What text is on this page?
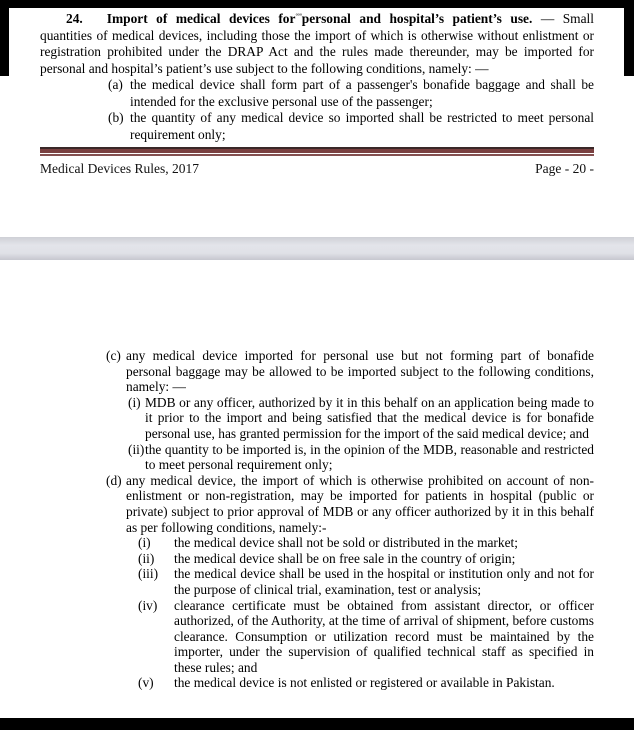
24. Import of medical devices for°°°personal and hospital’s patient’s use. — Small quantities of medical devices, including those the import of which is otherwise without enlistment or registration prohibited under the DRAP Act and the rules made thereunder, may be imported for personal and hospital’s patient’s use subject to the following conditions, namely: —

(a) the medical device shall form part of a passenger's bonafide baggage and shall be intended for the exclusive personal use of the passenger;
(b) the quantity of any medical device so imported shall be restricted to meet personal requirement only;
Medical Devices Rules, 2017	Page - 20 -
(c) any medical device imported for personal use but not forming part of bonafide personal baggage may be allowed to be imported subject to the following conditions, namely: —
(i) MDB or any officer, authorized by it in this behalf on an application being made to it prior to the import and being satisfied that the medical device is for bonafide personal use, has granted permission for the import of the said medical device; and
(ii) the quantity to be imported is, in the opinion of the MDB, reasonable and restricted to meet personal requirement only;
(d) any medical device, the import of which is otherwise prohibited on account of non-enlistment or non-registration, may be imported for patients in hospital (public or private) subject to prior approval of MDB or any officer authorized by it in this behalf as per following conditions, namely:-
(i)	the medical device shall not be sold or distributed in the market;
(ii)	the medical device shall be on free sale in the country of origin;
(iii)	the medical device shall be used in the hospital or institution only and not for the purpose of clinical trial, examination, test or analysis;
(iv)	clearance certificate must be obtained from assistant director, or officer authorized, of the Authority, at the time of arrival of shipment, before customs clearance. Consumption or utilization record must be maintained by the importer, under the supervision of qualified technical staff as specified in these rules; and
(v)	the medical device is not enlisted or registered or available in Pakistan.
